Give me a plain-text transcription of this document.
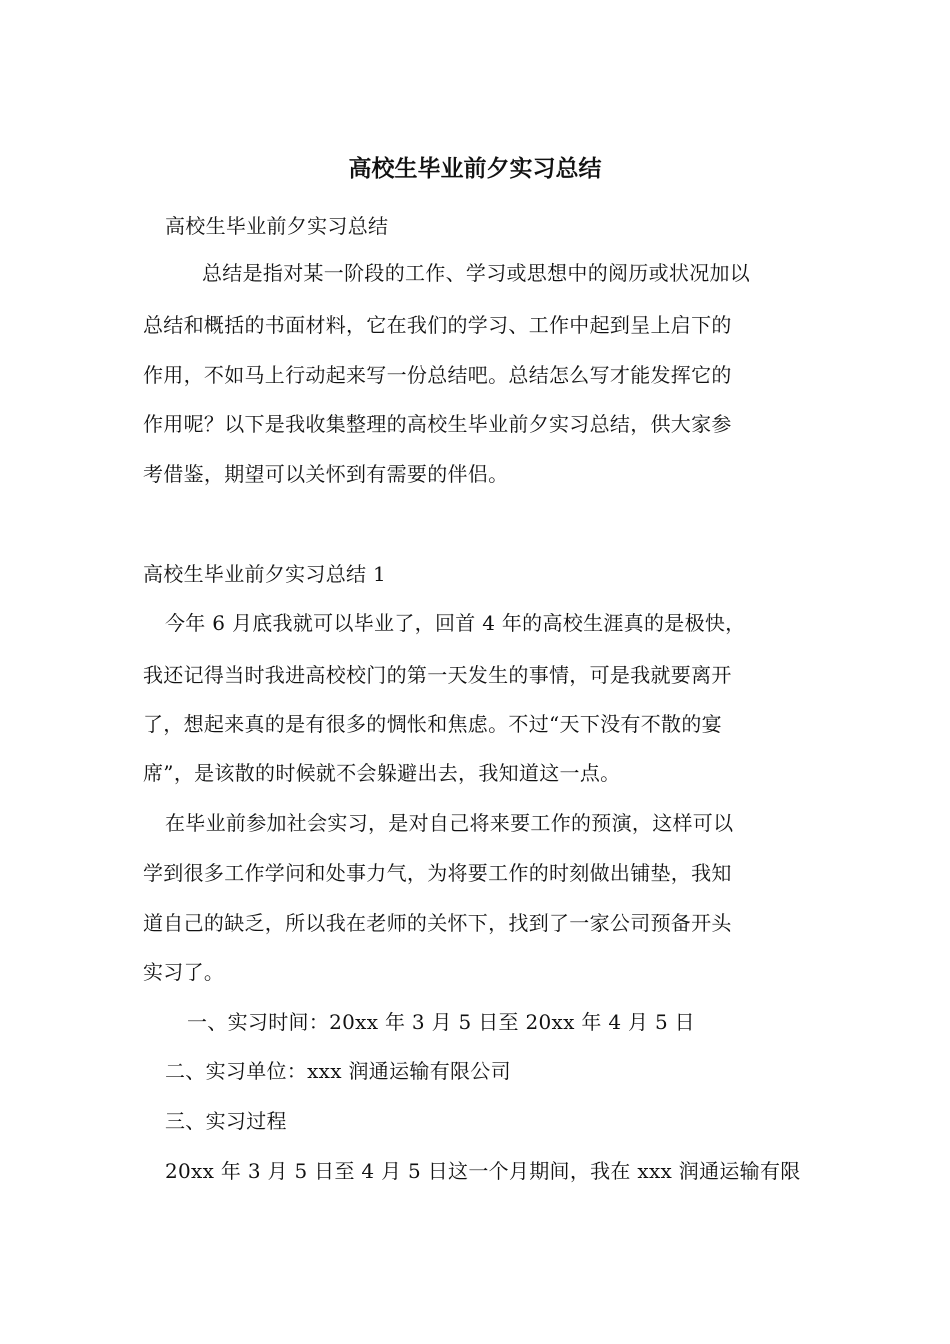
高校生毕业前夕实习总结
高校生毕业前夕实习总结
总结是指对某一阶段的工作、学习或思想中的阅历或状况加以
总结和概括的书面材料，它在我们的学习、工作中起到呈上启下的
作用，不如马上行动起来写一份总结吧。总结怎么写才能发挥它的
作用呢？以下是我收集整理的高校生毕业前夕实习总结，供大家参
考借鉴，期望可以关怀到有需要的伴侣。
高校生毕业前夕实习总结 1
今年 6 月底我就可以毕业了，回首 4 年的高校生涯真的是极快，
我还记得当时我进高校校门的第一天发生的事情，可是我就要离开
了，想起来真的是有很多的惆怅和焦虑。不过“天下没有不散的宴
席”，是该散的时候就不会躲避出去，我知道这一点。
在毕业前参加社会实习，是对自己将来要工作的预演，这样可以
学到很多工作学问和处事力气，为将要工作的时刻做出铺垫，我知
道自己的缺乏，所以我在老师的关怀下，找到了一家公司预备开头
实习了。
一、实习时间：20xx 年 3 月 5 日至 20xx 年 4 月 5 日
二、实习单位：xxx 润通运输有限公司
三、实习过程
20xx 年 3 月 5 日至 4 月 5 日这一个月期间，我在 xxx 润通运输有限
